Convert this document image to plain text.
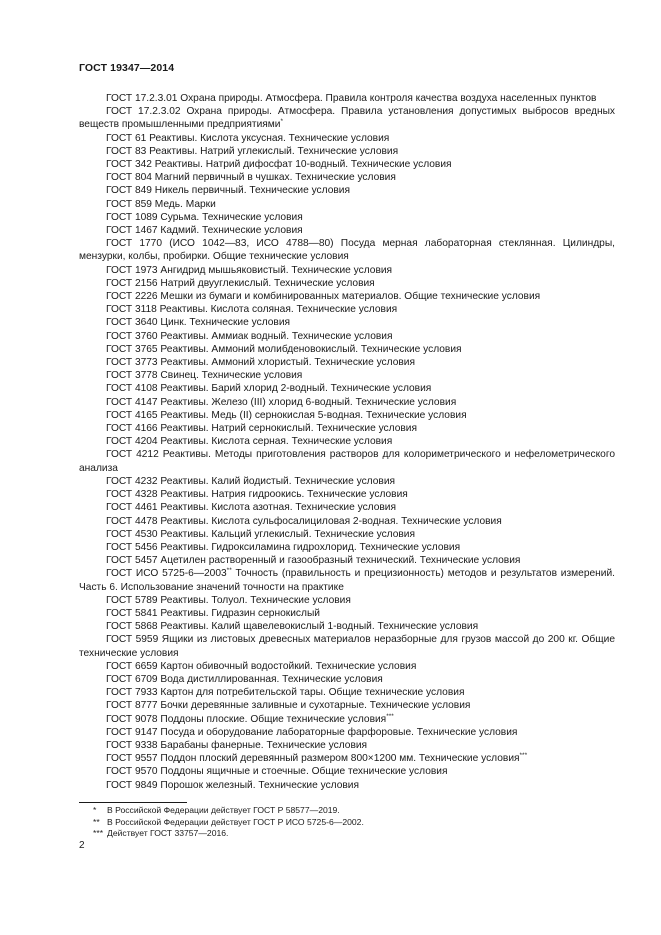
ГОСТ 19347—2014

ГОСТ 17.2.3.01 Охрана природы. Атмосфера. Правила контроля качества воздуха населенных пунктов

ГОСТ 17.2.3.02 Охрана природы. Атмосфера. Правила установления допустимых выбросов вредных веществ промышленными предприятиями*

ГОСТ 61 Реактивы. Кислота уксусная. Технические условия

ГОСТ 83 Реактивы. Натрий углекислый. Технические условия

ГОСТ 342 Реактивы. Натрий дифосфат 10-водный. Технические условия

ГОСТ 804 Магний первичный в чушках. Технические условия

ГОСТ 849 Никель первичный. Технические условия

ГОСТ 859 Медь. Марки

ГОСТ 1089 Сурьма. Технические условия

ГОСТ 1467 Кадмий. Технические условия

ГОСТ 1770 (ИСО 1042—83, ИСО 4788—80) Посуда мерная лабораторная стеклянная. Цилиндры, мензурки, колбы, пробирки. Общие технические условия

ГОСТ 1973 Ангидрид мышьяковистый. Технические условия

ГОСТ 2156 Натрий двууглекислый. Технические условия

ГОСТ 2226 Мешки из бумаги и комбинированных материалов. Общие технические условия

ГОСТ 3118 Реактивы. Кислота соляная. Технические условия

ГОСТ 3640 Цинк. Технические условия

ГОСТ 3760 Реактивы. Аммиак водный. Технические условия

ГОСТ 3765 Реактивы. Аммоний молибденовокислый. Технические условия

ГОСТ 3773 Реактивы. Аммоний хлористый. Технические условия

ГОСТ 3778 Свинец. Технические условия

ГОСТ 4108 Реактивы. Барий хлорид 2-водный. Технические условия

ГОСТ 4147 Реактивы. Железо (III) хлорид 6-водный. Технические условия

ГОСТ 4165 Реактивы. Медь (II) сернокислая 5-водная. Технические условия

ГОСТ 4166 Реактивы. Натрий сернокислый. Технические условия

ГОСТ 4204 Реактивы. Кислота серная. Технические условия

ГОСТ 4212 Реактивы. Методы приготовления растворов для колориметрического и нефелометрического анализа

ГОСТ 4232 Реактивы. Калий йодистый. Технические условия

ГОСТ 4328 Реактивы. Натрия гидроокись. Технические условия

ГОСТ 4461 Реактивы. Кислота азотная. Технические условия

ГОСТ 4478 Реактивы. Кислота сульфосалициловая 2-водная. Технические условия

ГОСТ 4530 Реактивы. Кальций углекислый. Технические условия

ГОСТ 5456 Реактивы. Гидроксиламина гидрохлорид. Технические условия

ГОСТ 5457 Ацетилен растворенный и газообразный технический. Технические условия

ГОСТ ИСО 5725-6—2003** Точность (правильность и прецизионность) методов и результатов измерений. Часть 6. Использование значений точности на практике

ГОСТ 5789 Реактивы. Толуол. Технические условия

ГОСТ 5841 Реактивы. Гидразин сернокислый

ГОСТ 5868 Реактивы. Калий щавелевокислый 1-водный. Технические условия

ГОСТ 5959 Ящики из листовых древесных материалов неразборные для грузов массой до 200 кг. Общие технические условия

ГОСТ 6659 Картон обивочный водостойкий. Технические условия

ГОСТ 6709 Вода дистиллированная. Технические условия

ГОСТ 7933 Картон для потребительской тары. Общие технические условия

ГОСТ 8777 Бочки деревянные заливные и сухотарные. Технические условия

ГОСТ 9078 Поддоны плоские. Общие технические условия***

ГОСТ 9147 Посуда и оборудование лабораторные фарфоровые. Технические условия

ГОСТ 9338 Барабаны фанерные. Технические условия

ГОСТ 9557 Поддон плоский деревянный размером 800×1200 мм. Технические условия***

ГОСТ 9570 Поддоны ящичные и стоечные. Общие технические условия

ГОСТ 9849 Порошок железный. Технические условия

* В Российской Федерации действует ГОСТ Р 58577—2019.

** В Российской Федерации действует ГОСТ Р ИСО 5725-6—2002.

*** Действует ГОСТ 33757—2016.

2
